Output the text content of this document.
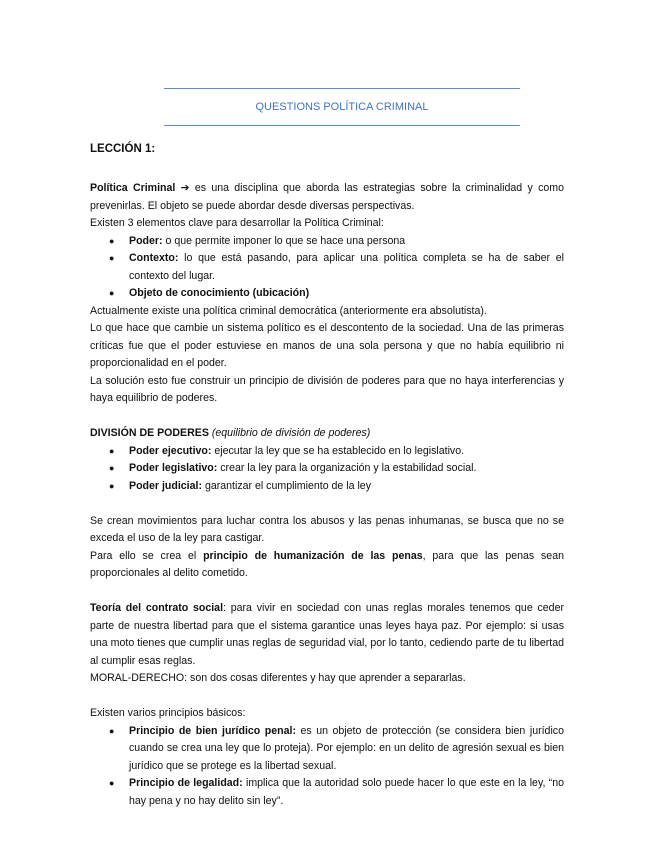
QUESTIONS POLÍTICA CRIMINAL
LECCIÓN 1:

Política Criminal ➔ es una disciplina que aborda las estrategias sobre la criminalidad y como prevenirlas. El objeto se puede abordar desde diversas perspectivas.

Existen 3 elementos clave para desarrollar la Política Criminal:

● Poder: o que permite imponer lo que se hace una persona
● Contexto: lo que está pasando, para aplicar una política completa se ha de saber el contexto del lugar.
● Objeto de conocimiento (ubicación)

Actualmente existe una política criminal democrática (anteriormente era absolutista).

Lo que hace que cambie un sistema político es el descontento de la sociedad. Una de las primeras críticas fue que el poder estuviese en manos de una sola persona y que no había equilibrio ni proporcionalidad en el poder.

La solución esto fue construir un principio de división de poderes para que no haya interferencias y haya equilibrio de poderes.

DIVISIÓN DE PODERES (equilibrio de división de poderes)

● Poder ejecutivo: ejecutar la ley que se ha establecido en lo legislativo.
● Poder legislativo: crear la ley para la organización y la estabilidad social.
● Poder judicial: garantizar el cumplimiento de la ley

Se crean movimientos para luchar contra los abusos y las penas inhumanas, se busca que no se exceda el uso de la ley para castigar.

Para ello se crea el principio de humanización de las penas, para que las penas sean proporcionales al delito cometido.

Teoría del contrato social: para vivir en sociedad con unas reglas morales tenemos que ceder parte de nuestra libertad para que el sistema garantice unas leyes haya paz. Por ejemplo: si usas una moto tienes que cumplir unas reglas de seguridad vial, por lo tanto, cediendo parte de tu libertad al cumplir esas reglas.

MORAL-DERECHO: son dos cosas diferentes y hay que aprender a separarlas.

Existen varios principios básicos:

● Principio de bien jurídico penal: es un objeto de protección (se considera bien jurídico cuando se crea una ley que lo proteja). Por ejemplo: en un delito de agresión sexual es bien jurídico que se protege es la libertad sexual.
● Principio de legalidad: implica que la autoridad solo puede hacer lo que este en la ley, “no hay pena y no hay delito sin ley”.
